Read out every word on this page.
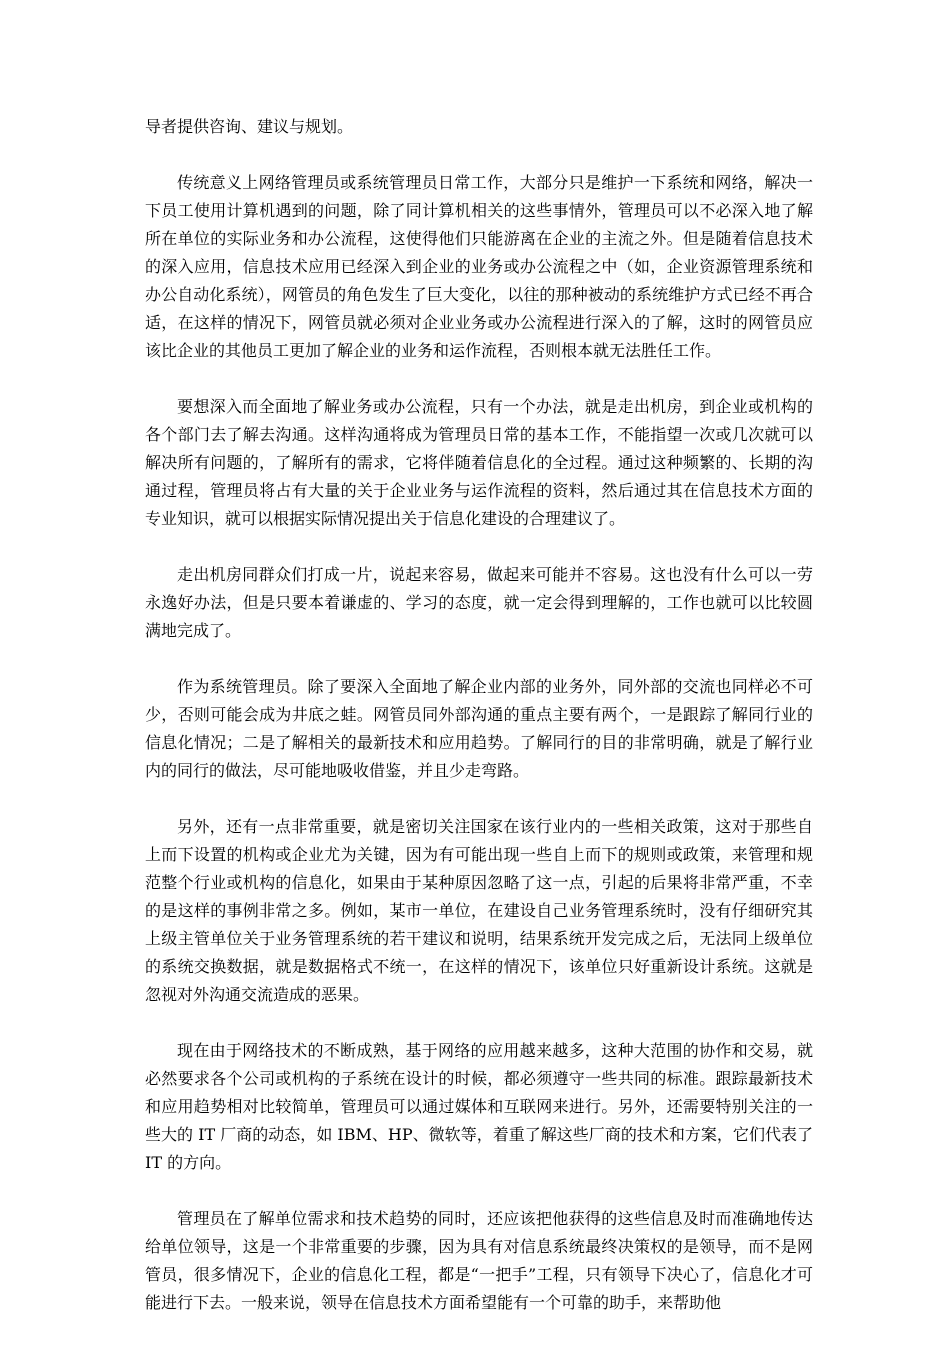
导者提供咨询、建议与规划。

传统意义上网络管理员或系统管理员日常工作，大部分只是维护一下系统和网络，解决一下员工使用计算机遇到的问题，除了同计算机相关的这些事情外，管理员可以不必深入地了解所在单位的实际业务和办公流程，这使得他们只能游离在企业的主流之外。但是随着信息技术的深入应用，信息技术应用已经深入到企业的业务或办公流程之中（如，企业资源管理系统和办公自动化系统），网管员的角色发生了巨大变化，以往的那种被动的系统维护方式已经不再合适，在这样的情况下，网管员就必须对企业业务或办公流程进行深入的了解，这时的网管员应该比企业的其他员工更加了解企业的业务和运作流程，否则根本就无法胜任工作。

要想深入而全面地了解业务或办公流程，只有一个办法，就是走出机房，到企业或机构的各个部门去了解去沟通。这样沟通将成为管理员日常的基本工作，不能指望一次或几次就可以解决所有问题的，了解所有的需求，它将伴随着信息化的全过程。通过这种频繁的、长期的沟通过程，管理员将占有大量的关于企业业务与运作流程的资料，然后通过其在信息技术方面的专业知识，就可以根据实际情况提出关于信息化建设的合理建议了。

走出机房同群众们打成一片，说起来容易，做起来可能并不容易。这也没有什么可以一劳永逸好办法，但是只要本着谦虚的、学习的态度，就一定会得到理解的，工作也就可以比较圆满地完成了。

作为系统管理员。除了要深入全面地了解企业内部的业务外，同外部的交流也同样必不可少，否则可能会成为井底之蛙。网管员同外部沟通的重点主要有两个，一是跟踪了解同行业的信息化情况；二是了解相关的最新技术和应用趋势。了解同行的目的非常明确，就是了解行业内的同行的做法，尽可能地吸收借鉴，并且少走弯路。

另外，还有一点非常重要，就是密切关注国家在该行业内的一些相关政策，这对于那些自上而下设置的机构或企业尤为关键，因为有可能出现一些自上而下的规则或政策，来管理和规范整个行业或机构的信息化，如果由于某种原因忽略了这一点，引起的后果将非常严重，不幸的是这样的事例非常之多。例如，某市一单位，在建设自己业务管理系统时，没有仔细研究其上级主管单位关于业务管理系统的若干建议和说明，结果系统开发完成之后，无法同上级单位的系统交换数据，就是数据格式不统一，在这样的情况下，该单位只好重新设计系统。这就是忽视对外沟通交流造成的恶果。

现在由于网络技术的不断成熟，基于网络的应用越来越多，这种大范围的协作和交易，就必然要求各个公司或机构的子系统在设计的时候，都必须遵守一些共同的标准。跟踪最新技术和应用趋势相对比较简单，管理员可以通过媒体和互联网来进行。另外，还需要特别关注的一些大的 IT 厂商的动态，如 IBM、HP、微软等，着重了解这些厂商的技术和方案，它们代表了 IT 的方向。

管理员在了解单位需求和技术趋势的同时，还应该把他获得的这些信息及时而准确地传达给单位领导，这是一个非常重要的步骤，因为具有对信息系统最终决策权的是领导，而不是网管员，很多情况下，企业的信息化工程，都是“一把手”工程，只有领导下决心了，信息化才可能进行下去。一般来说，领导在信息技术方面希望能有一个可靠的助手，来帮助他
